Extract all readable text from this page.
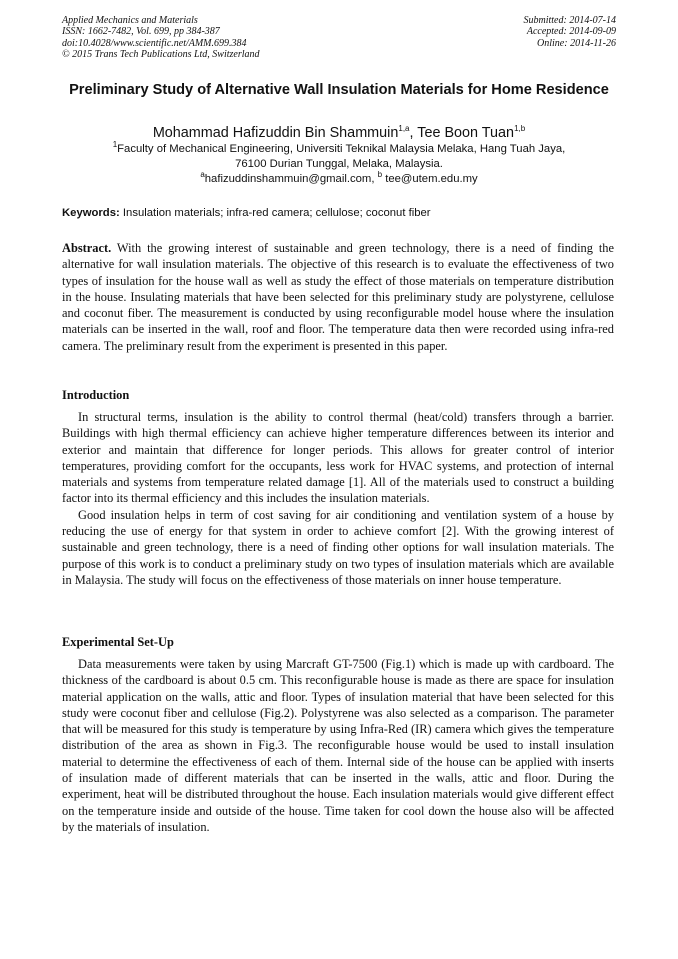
Applied Mechanics and Materials
ISSN: 1662-7482, Vol. 699, pp 384-387
doi:10.4028/www.scientific.net/AMM.699.384
© 2015 Trans Tech Publications Ltd, Switzerland
Submitted: 2014-07-14
Accepted: 2014-09-09
Online: 2014-11-26
Preliminary Study of Alternative Wall Insulation Materials for Home Residence
Mohammad Hafizuddin Bin Shammuin$^{1,a}$, Tee Boon Tuan$^{1,b}$
$^1$Faculty of Mechanical Engineering, Universiti Teknikal Malaysia Melaka, Hang Tuah Jaya,
76100 Durian Tunggal, Melaka, Malaysia.
$^a$hafizuddinshammuin@gmail.com, $^b$ tee@utem.edu.my
Keywords: Insulation materials; infra-red camera; cellulose; coconut fiber
Abstract. With the growing interest of sustainable and green technology, there is a need of finding the alternative for wall insulation materials. The objective of this research is to evaluate the effectiveness of two types of insulation for the house wall as well as study the effect of those materials on temperature distribution in the house. Insulating materials that have been selected for this preliminary study are polystyrene, cellulose and coconut fiber. The measurement is conducted by using reconfigurable model house where the insulation materials can be inserted in the wall, roof and floor. The temperature data then were recorded using infra-red camera. The preliminary result from the experiment is presented in this paper.
Introduction

In structural terms, insulation is the ability to control thermal (heat/cold) transfers through a barrier. Buildings with high thermal efficiency can achieve higher temperature differences between its interior and exterior and maintain that difference for longer periods. This allows for greater control of interior temperatures, providing comfort for the occupants, less work for HVAC systems, and protection of internal materials and systems from temperature related damage [1]. All of the materials used to construct a building factor into its thermal efficiency and this includes the insulation materials.

Good insulation helps in term of cost saving for air conditioning and ventilation system of a house by reducing the use of energy for that system in order to achieve comfort [2]. With the growing interest of sustainable and green technology, there is a need of finding other options for wall insulation materials. The purpose of this work is to conduct a preliminary study on two types of insulation materials which are available in Malaysia. The study will focus on the effectiveness of those materials on inner house temperature.

Experimental Set-Up

Data measurements were taken by using Marcraft GT-7500 (Fig.1) which is made up with cardboard. The thickness of the cardboard is about 0.5 cm. This reconfigurable house is made as there are space for insulation material application on the walls, attic and floor. Types of insulation material that have been selected for this study were coconut fiber and cellulose (Fig.2). Polystyrene was also selected as a comparison. The parameter that will be measured for this study is temperature by using Infra-Red (IR) camera which gives the temperature distribution of the area as shown in Fig.3. The reconfigurable house would be used to install insulation material to determine the effectiveness of each of them. Internal side of the house can be applied with inserts of insulation made of different materials that can be inserted in the walls, attic and floor. During the experiment, heat will be distributed throughout the house. Each insulation materials would give different effect on the temperature inside and outside of the house. Time taken for cool down the house also will be affected by the materials of insulation.
